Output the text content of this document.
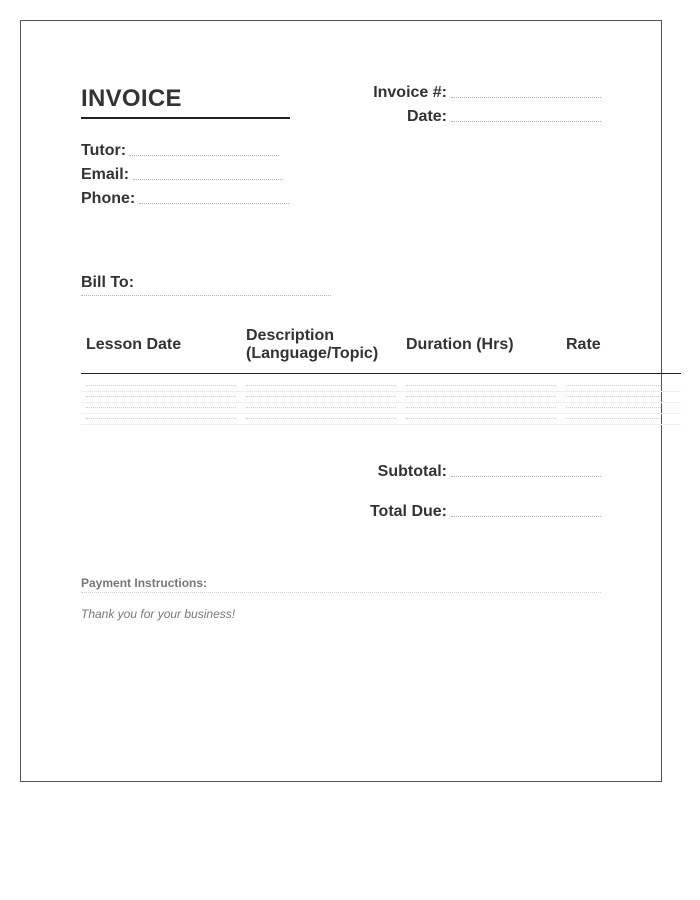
INVOICE	Invoice #:
Date:
Tutor:
Email:
Phone:
Bill To:
Lesson Date
Description
(Language/Topic)
Duration (Hrs)	Rate
Subtotal:
Total Due:
Payment Instructions:
Thank you for your business!
